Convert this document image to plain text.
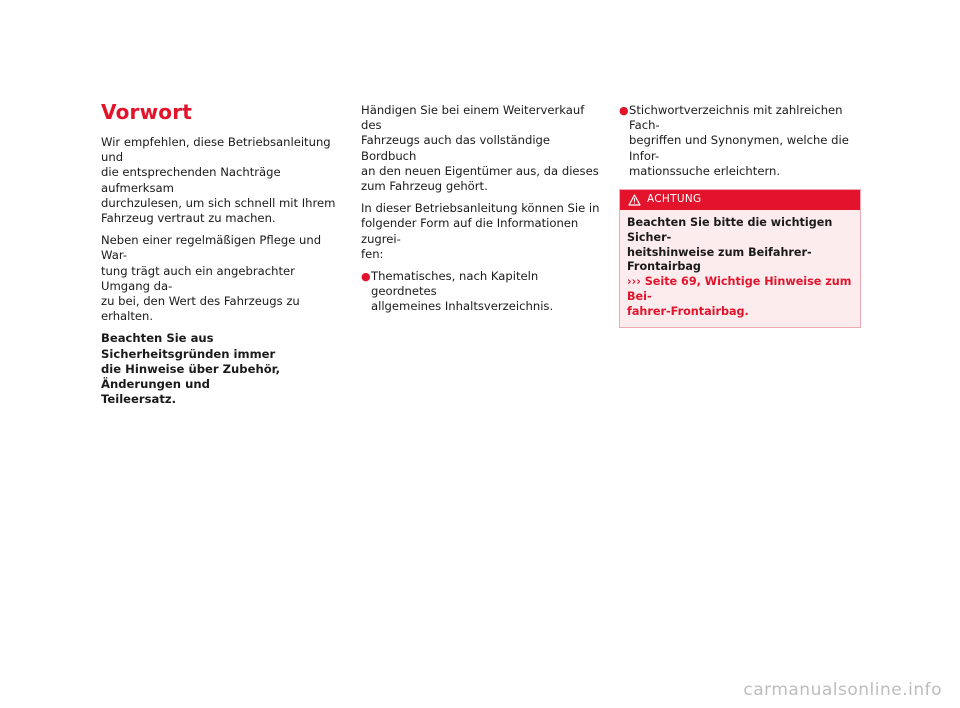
Vorwort

Wir empfehlen, diese Betriebsanleitung und
die entsprechenden Nachträge aufmerksam
durchzulesen, um sich schnell mit Ihrem
Fahrzeug vertraut zu machen.

Neben einer regelmäßigen Pflege und War-
tung trägt auch ein angebrachter Umgang da-
zu bei, den Wert des Fahrzeugs zu erhalten.

Beachten Sie aus Sicherheitsgründen immer
die Hinweise über Zubehör, Änderungen und
Teileersatz.

Händigen Sie bei einem Weiterverkauf des
Fahrzeugs auch das vollständige Bordbuch
an den neuen Eigentümer aus, da dieses
zum Fahrzeug gehört.

In dieser Betriebsanleitung können Sie in
folgender Form auf die Informationen zugrei-
fen:

● Thematisches, nach Kapiteln geordnetes
allgemeines Inhaltsverzeichnis.
● Stichwortverzeichnis mit zahlreichen Fach-
begriffen und Synonymen, welche die Infor-
mationssuche erleichtern.
ACHTUNG
Beachten Sie bitte die wichtigen Sicher-
heitshinweise zum Beifahrer-Frontairbag
››› Seite 69, Wichtige Hinweise zum Bei-
fahrer-Frontairbag.
carmanualsonline.info
